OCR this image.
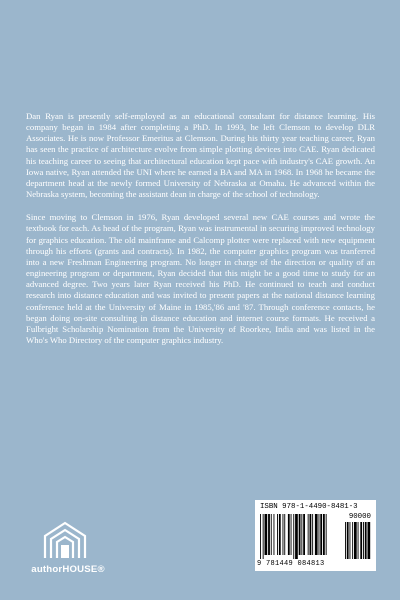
Dan Ryan is presently self-employed as an educational consultant for distance learning. His company began in 1984 after completing a PhD. In 1993, he left Clemson to develop DLR Associates. He is now Professor Emeritus at Clemson. During his thirty year teaching career, Ryan has seen the practice of architecture evolve from simple plotting devices into CAE. Ryan dedicated his teaching career to seeing that architectural education kept pace with industry's CAE growth. An Iowa native, Ryan attended the UNI where he earned a BA and MA in 1968. In 1968 he became the department head at the newly formed University of Nebraska at Omaha. He advanced within the Nebraska system, becoming the assistant dean in charge of the school of technology.

Since moving to Clemson in 1976, Ryan developed several new CAE courses and wrote the textbook for each. As head of the program, Ryan was instrumental in securing improved technology for graphics education. The old mainframe and Calcomp plotter were replaced with new equipment through his efforts (grants and contracts). In 1982, the computer graphics program was tranferred into a new Freshman Engineering program. No longer in charge of the direction or quality of an engineering program or department, Ryan decided that this might be a good time to study for an advanced degree. Two years later Ryan received his PhD. He continued to teach and conduct research into distance education and was invited to present papers at the national distance learning conference held at the University of Maine in 1985,'86 and '87. Through conference contacts, he began doing on-site consulting in distance education and internet course formats. He received a Fulbright Scholarship Nomination from the University of Roorkee, India and was listed in the Who's Who Directory of the computer graphics industry.

authorHOUSE®
ISBN 978-1-4490-8481-3
90000
9 781449 084813
